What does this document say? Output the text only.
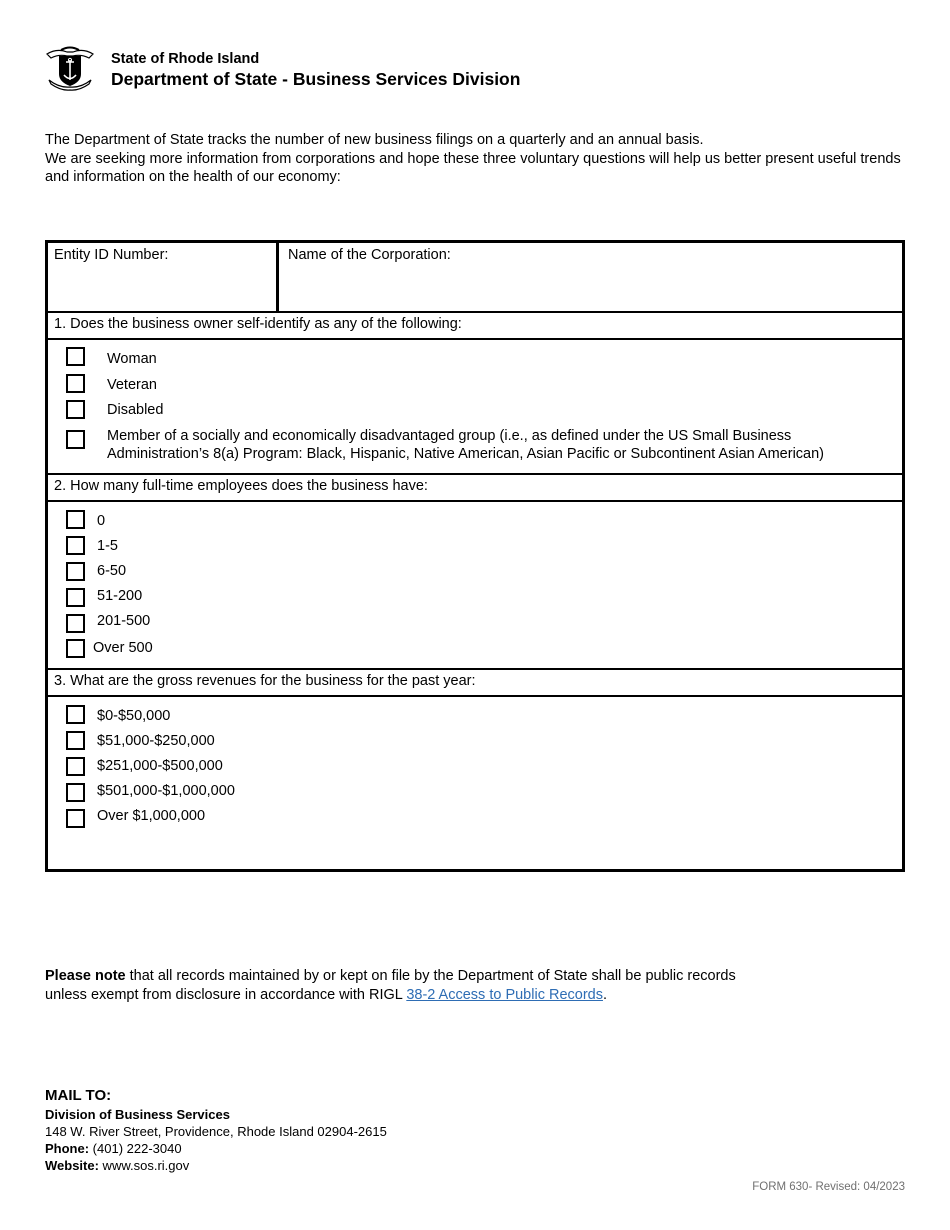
State of Rhode Island
Department of State - Business Services Division

The Department of State tracks the number of new business filings on a quarterly and an annual basis.

We are seeking more information from corporations and hope these three voluntary questions will help us better present useful trends and information on the health of our economy:

Entity ID Number:	Name of the Corporation:
1. Does the business owner self-identify as any of the following:
Woman
Veteran
Disabled
Member of a socially and economically disadvantaged group (i.e., as defined under the US Small Business
Administration’s 8(a) Program: Black, Hispanic, Native American, Asian Pacific or Subcontinent Asian American)
2. How many full-time employees does the business have:
0
1-5
6-50
51-200
201-500
Over 500
3. What are the gross revenues for the business for the past year:
$0-$50,000
$51,000-$250,000
$251,000-$500,000
$501,000-$1,000,000
Over $1,000,000
Please note that all records maintained by or kept on file by the Department of State shall be public records unless exempt from disclosure in accordance with RIGL 38-2 Access to Public Records.
MAIL TO:
Division of Business Services
148 W. River Street, Providence, Rhode Island 02904-2615
Phone: (401) 222-3040
Website: www.sos.ri.gov
FORM 630- Revised: 04/2023
